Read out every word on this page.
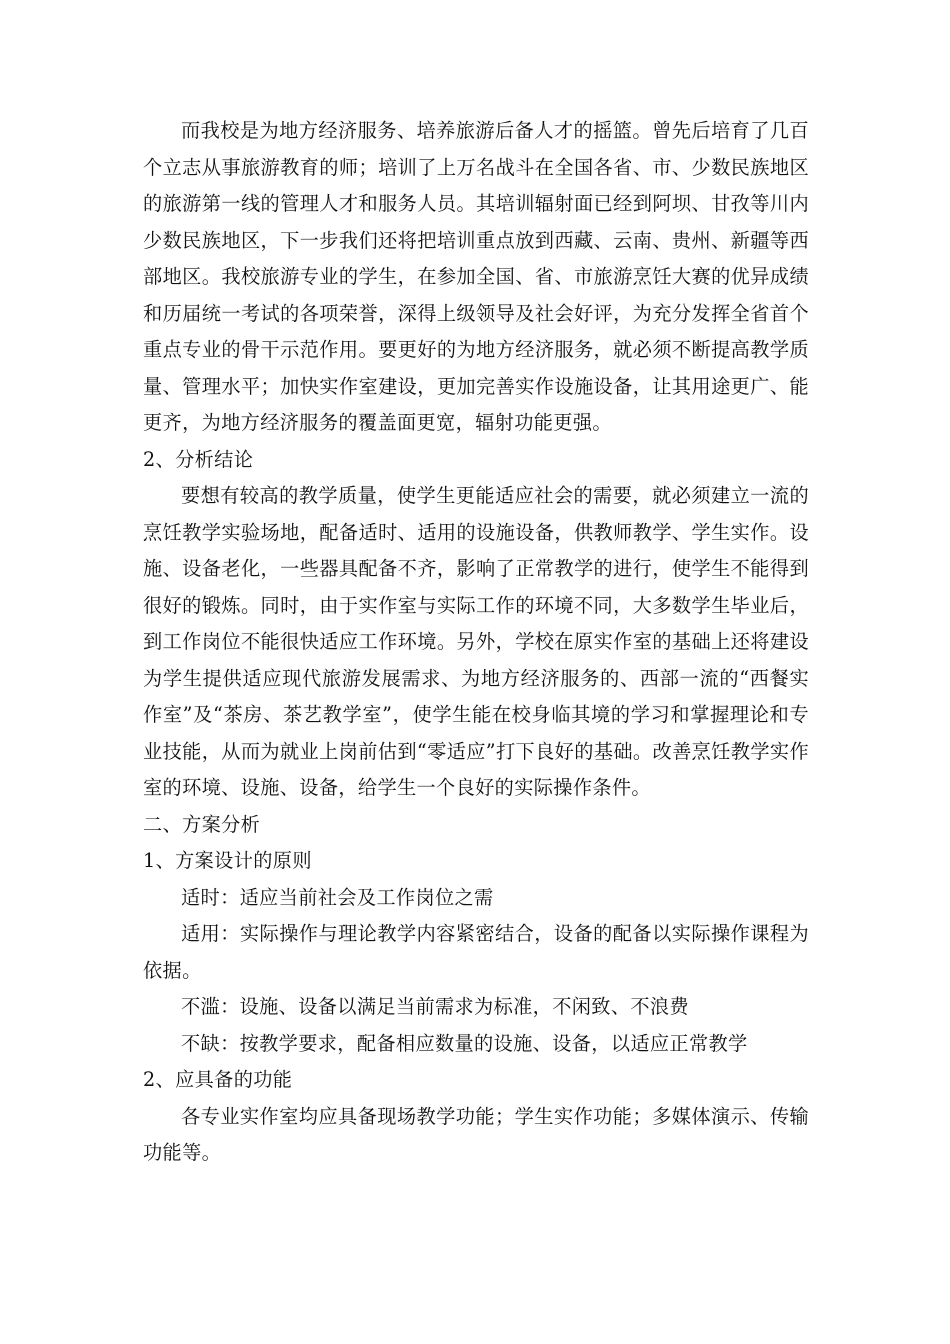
而我校是为地方经济服务、培养旅游后备人才的摇篮。曾先后培育了几百个立志从事旅游教育的师；培训了上万名战斗在全国各省、市、少数民族地区的旅游第一线的管理人才和服务人员。其培训辐射面已经到阿坝、甘孜等川内少数民族地区，下一步我们还将把培训重点放到西藏、云南、贵州、新疆等西部地区。我校旅游专业的学生，在参加全国、省、市旅游烹饪大赛的优异成绩和历届统一考试的各项荣誉，深得上级领导及社会好评，为充分发挥全省首个重点专业的骨干示范作用。要更好的为地方经济服务，就必须不断提高教学质量、管理水平；加快实作室建设，更加完善实作设施设备，让其用途更广、能更齐，为地方经济服务的覆盖面更宽，辐射功能更强。

2、分析结论

要想有较高的教学质量，使学生更能适应社会的需要，就必须建立一流的烹饪教学实验场地，配备适时、适用的设施设备，供教师教学、学生实作。设施、设备老化，一些器具配备不齐，影响了正常教学的进行，使学生不能得到很好的锻炼。同时，由于实作室与实际工作的环境不同，大多数学生毕业后，到工作岗位不能很快适应工作环境。另外，学校在原实作室的基础上还将建设为学生提供适应现代旅游发展需求、为地方经济服务的、西部一流的“西餐实作室”及“茶房、茶艺教学室”，使学生能在校身临其境的学习和掌握理论和专业技能，从而为就业上岗前估到“零适应”打下良好的基础。改善烹饪教学实作室的环境、设施、设备，给学生一个良好的实际操作条件。

二、方案分析

1、方案设计的原则

适时：适应当前社会及工作岗位之需

适用：实际操作与理论教学内容紧密结合，设备的配备以实际操作课程为依据。

不滥：设施、设备以满足当前需求为标准，不闲致、不浪费

不缺：按教学要求，配备相应数量的设施、设备，以适应正常教学

2、应具备的功能

各专业实作室均应具备现场教学功能；学生实作功能；多媒体演示、传输功能等。
